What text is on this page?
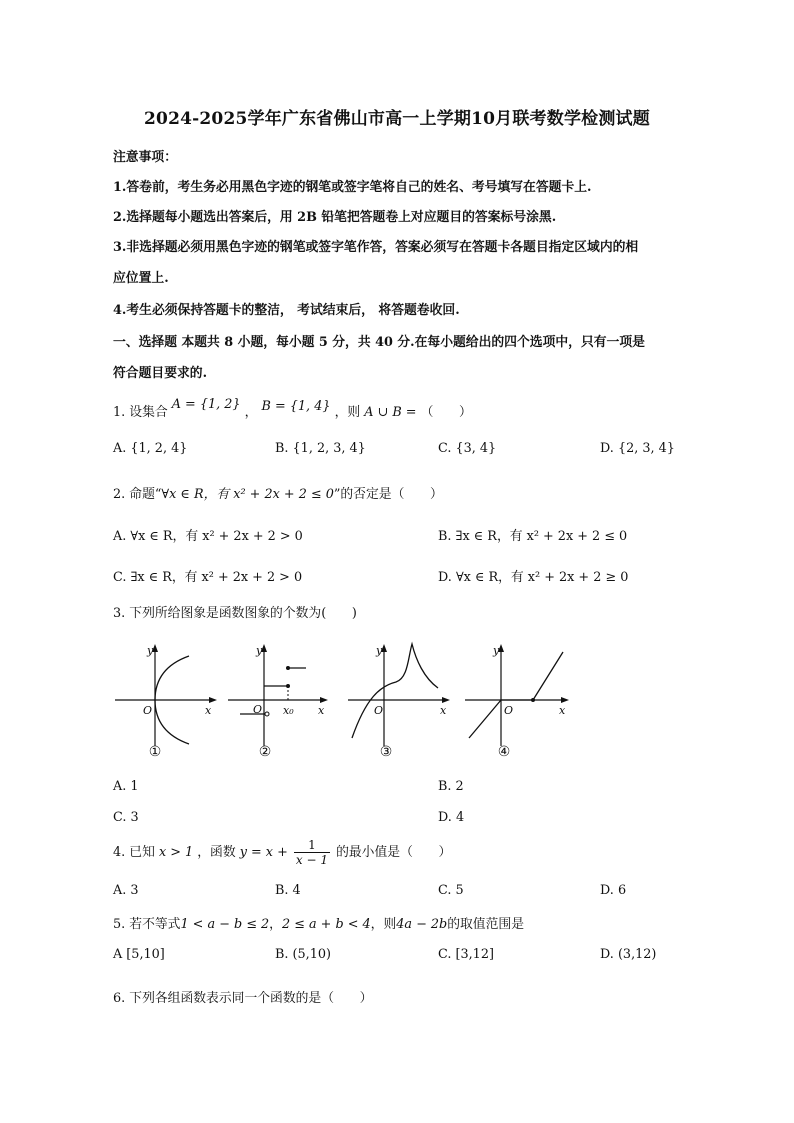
2024-2025学年广东省佛山市高一上学期10月联考数学检测试题
注意事项：
1.答卷前，考生务必用黑色字迹的钢笔或签字笔将自己的姓名、考号填写在答题卡上.
2.选择题每小题选出答案后，用 2B 铅笔把答题卷上对应题目的答案标号涂黑.
3.非选择题必须用黑色字迹的钢笔或签字笔作答，答案必须写在答题卡各题目指定区域内的相
应位置上.
4.考生必须保持答题卡的整洁， 考试结束后， 将答题卷收回.
一、选择题 本题共 8 小题，每小题 5 分，共 40 分.在每小题给出的四个选项中，只有一项是
符合题目要求的.
1. 设集合 A = {1, 2} ， B = {1, 4} ，则 A ∪ B = （　　）
A. {1, 2, 4}	B. {1, 2, 3, 4}	C. {3, 4}	D. {2, 3, 4}
2. 命题“∀x ∈ R，有 x² + 2x + 2 ≤ 0”的否定是（　　）
A. ∀x ∈ R，有 x² + 2x + 2 > 0	B. ∃x ∈ R，有 x² + 2x + 2 ≤ 0
C. ∃x ∈ R，有 x² + 2x + 2 > 0	D. ∀x ∈ R，有 x² + 2x + 2 ≥ 0
3. 下列所给图象是函数图象的个数为(　　)
y
x
O
①
y
x
O x₀
②
y
x
O
③
y
x
O
④
A. 1	B. 2
C. 3	D. 4
4. 已知 x > 1 ，函数 $y = x + \frac{1}{x - 1}$ 的最小值是（　　）
A. 3	B. 4	C. 5	D. 6
5. 若不等式1 < a − b ≤ 2，2 ≤ a + b < 4，则4a − 2b的取值范围是
A [5,10]	B. (5,10)	C. [3,12]	D. (3,12)
6. 下列各组函数表示同一个函数的是（　　）
